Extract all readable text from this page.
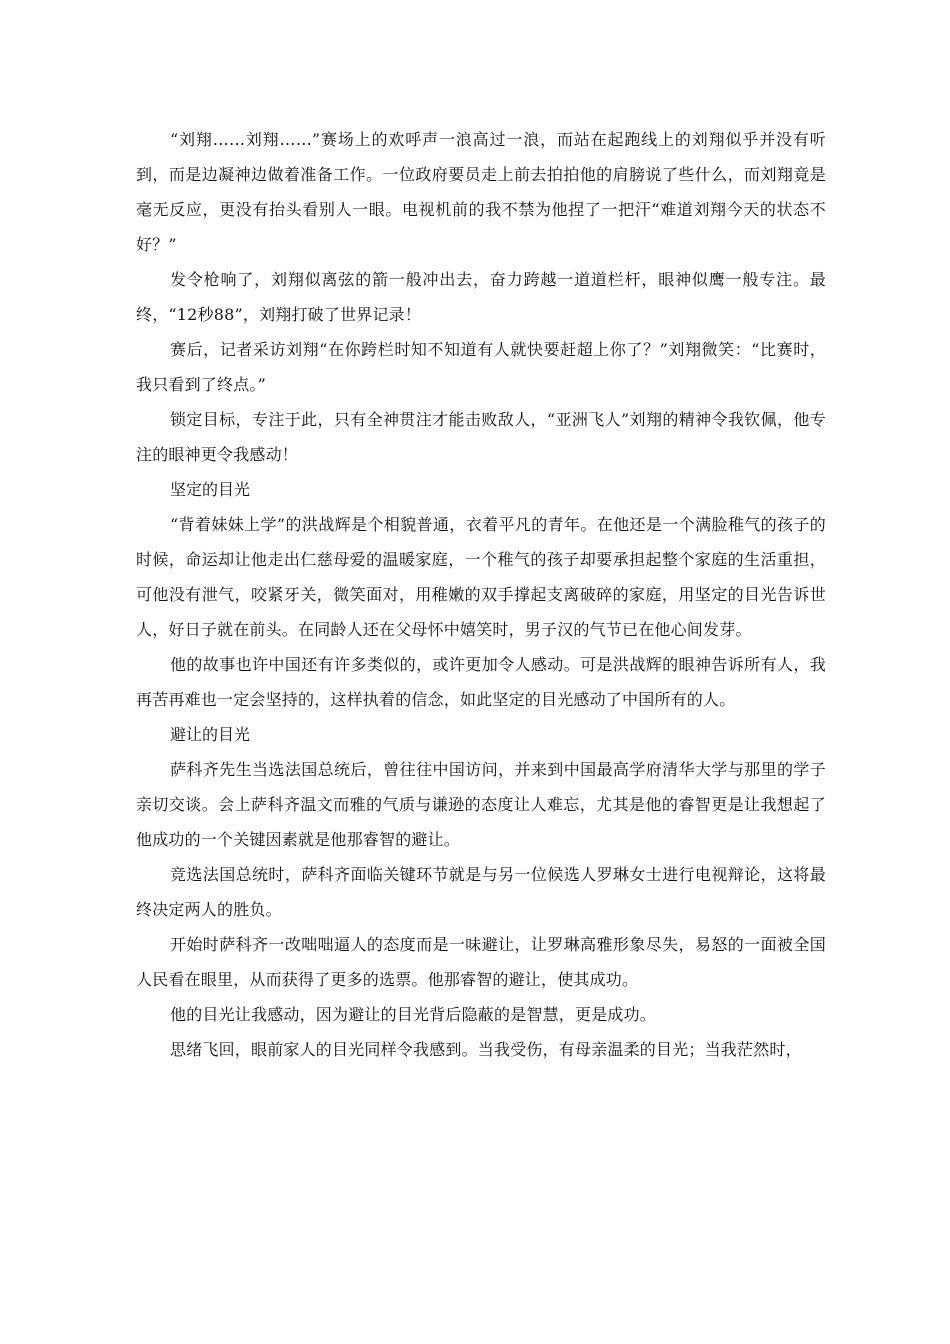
“刘翔……刘翔……”赛场上的欢呼声一浪高过一浪，而站在起跑线上的刘翔似乎并没有听到，而是边凝神边做着准备工作。一位政府要员走上前去拍拍他的肩膀说了些什么，而刘翔竟是毫无反应，更没有抬头看别人一眼。电视机前的我不禁为他捏了一把汗“难道刘翔今天的状态不好？”

发令枪响了，刘翔似离弦的箭一般冲出去，奋力跨越一道道栏杆，眼神似鹰一般专注。最终，“12秒88”，刘翔打破了世界记录！

赛后，记者采访刘翔“在你跨栏时知不知道有人就快要赶超上你了？”刘翔微笑：“比赛时，我只看到了终点。”

锁定目标，专注于此，只有全神贯注才能击败敌人，“亚洲飞人”刘翔的精神令我钦佩，他专注的眼神更令我感动！

坚定的目光

“背着妹妹上学”的洪战辉是个相貌普通，衣着平凡的青年。在他还是一个满脸稚气的孩子的时候，命运却让他走出仁慈母爱的温暖家庭，一个稚气的孩子却要承担起整个家庭的生活重担，可他没有泄气，咬紧牙关，微笑面对，用稚嫩的双手撑起支离破碎的家庭，用坚定的目光告诉世人，好日子就在前头。在同龄人还在父母怀中嬉笑时，男子汉的气节已在他心间发芽。

他的故事也许中国还有许多类似的，或许更加令人感动。可是洪战辉的眼神告诉所有人，我再苦再难也一定会坚持的，这样执着的信念，如此坚定的目光感动了中国所有的人。

避让的目光

萨科齐先生当选法国总统后，曾往往中国访问，并来到中国最高学府清华大学与那里的学子亲切交谈。会上萨科齐温文而雅的气质与谦逊的态度让人难忘，尤其是他的睿智更是让我想起了他成功的一个关键因素就是他那睿智的避让。

竞选法国总统时，萨科齐面临关键环节就是与另一位候选人罗琳女士进行电视辩论，这将最终决定两人的胜负。

开始时萨科齐一改咄咄逼人的态度而是一味避让，让罗琳高雅形象尽失，易怒的一面被全国人民看在眼里，从而获得了更多的选票。他那睿智的避让，使其成功。

他的目光让我感动，因为避让的目光背后隐蔽的是智慧，更是成功。

思绪飞回，眼前家人的目光同样令我感到。当我受伤，有母亲温柔的目光；当我茫然时，
